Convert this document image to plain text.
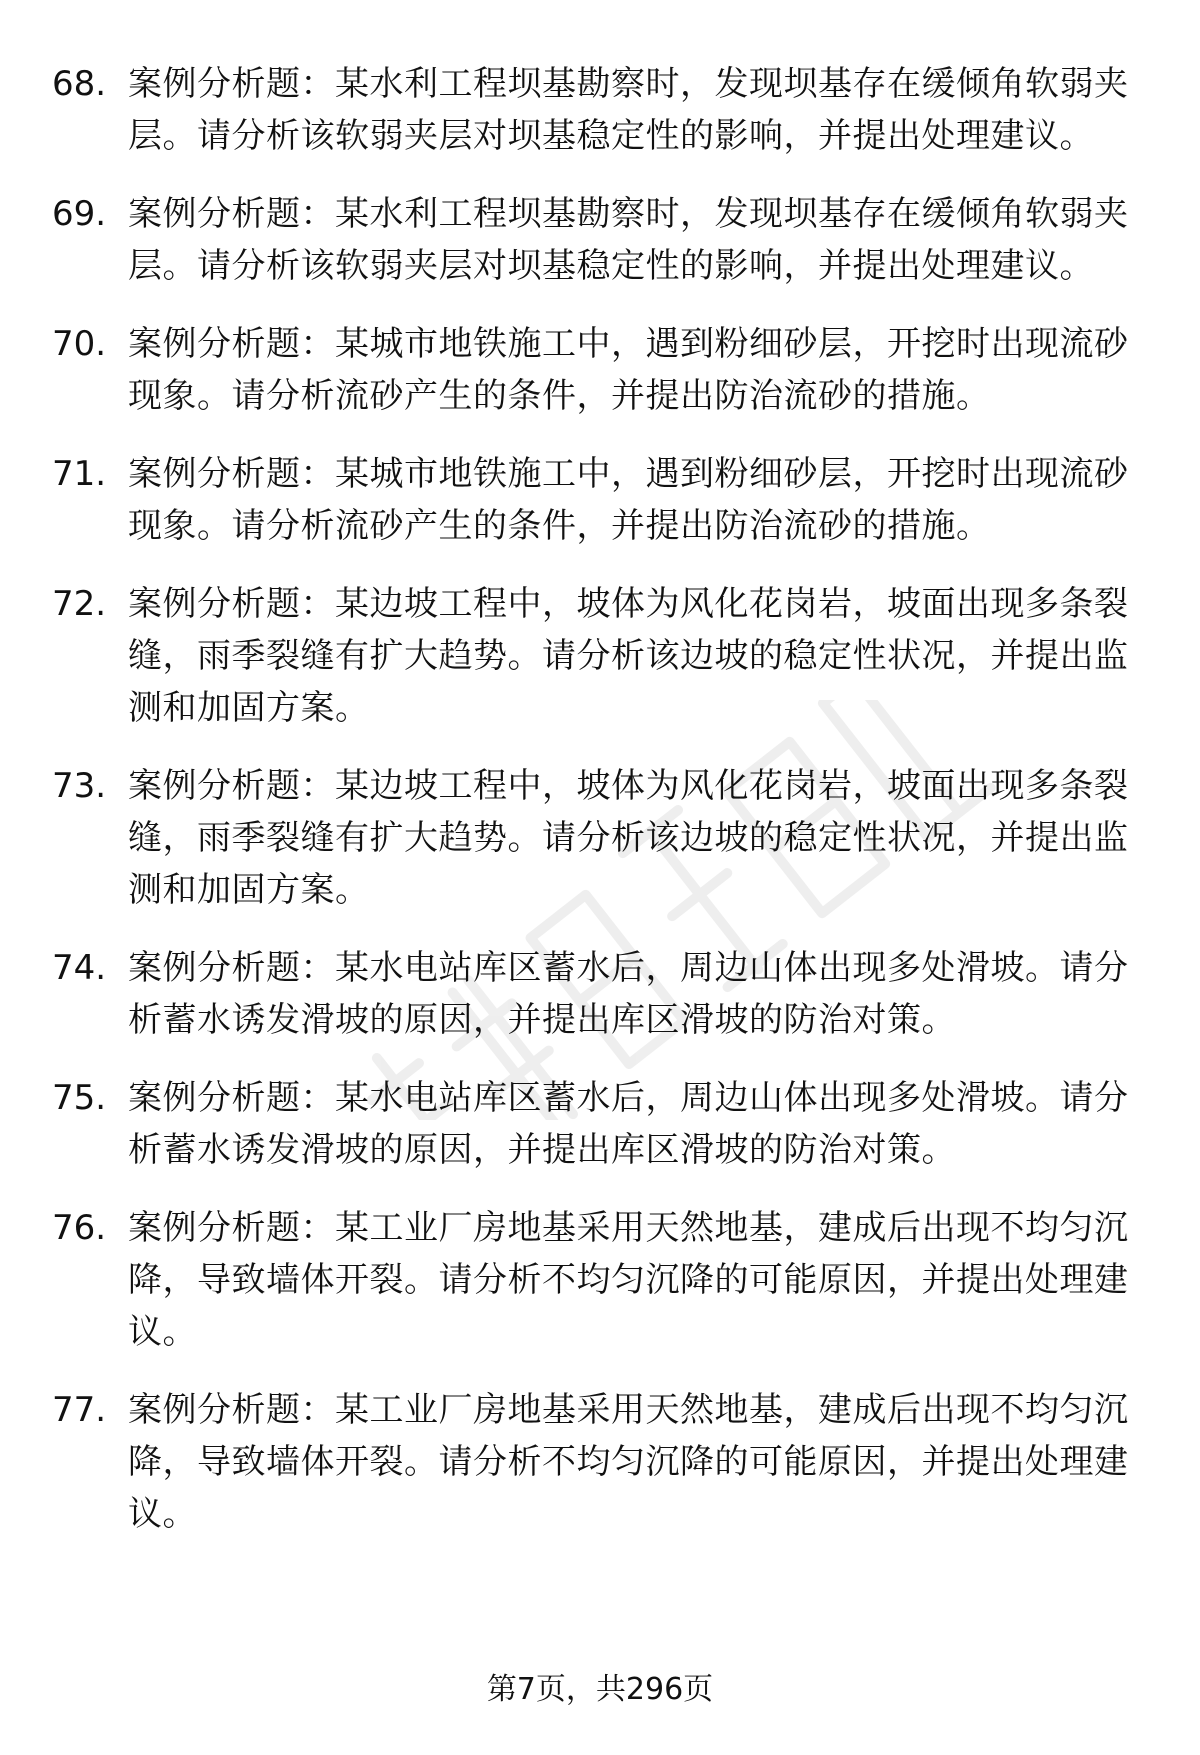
68. 案例分析题：某水利工程坝基勘察时，发现坝基存在缓倾角软弱夹层。请分析该软弱夹层对坝基稳定性的影响，并提出处理建议。
69. 案例分析题：某水利工程坝基勘察时，发现坝基存在缓倾角软弱夹层。请分析该软弱夹层对坝基稳定性的影响，并提出处理建议。
70. 案例分析题：某城市地铁施工中，遇到粉细砂层，开挖时出现流砂现象。请分析流砂产生的条件，并提出防治流砂的措施。
71. 案例分析题：某城市地铁施工中，遇到粉细砂层，开挖时出现流砂现象。请分析流砂产生的条件，并提出防治流砂的措施。
72. 案例分析题：某边坡工程中，坡体为风化花岗岩，坡面出现多条裂缝，雨季裂缝有扩大趋势。请分析该边坡的稳定性状况，并提出监测和加固方案。
73. 案例分析题：某边坡工程中，坡体为风化花岗岩，坡面出现多条裂缝，雨季裂缝有扩大趋势。请分析该边坡的稳定性状况，并提出监测和加固方案。
74. 案例分析题：某水电站库区蓄水后，周边山体出现多处滑坡。请分析蓄水诱发滑坡的原因，并提出库区滑坡的防治对策。
75. 案例分析题：某水电站库区蓄水后，周边山体出现多处滑坡。请分析蓄水诱发滑坡的原因，并提出库区滑坡的防治对策。
76. 案例分析题：某工业厂房地基采用天然地基，建成后出现不均匀沉降，导致墙体开裂。请分析不均匀沉降的可能原因，并提出处理建议。
77. 案例分析题：某工业厂房地基采用天然地基，建成后出现不均匀沉降，导致墙体开裂。请分析不均匀沉降的可能原因，并提出处理建议。
第7页，共296页
